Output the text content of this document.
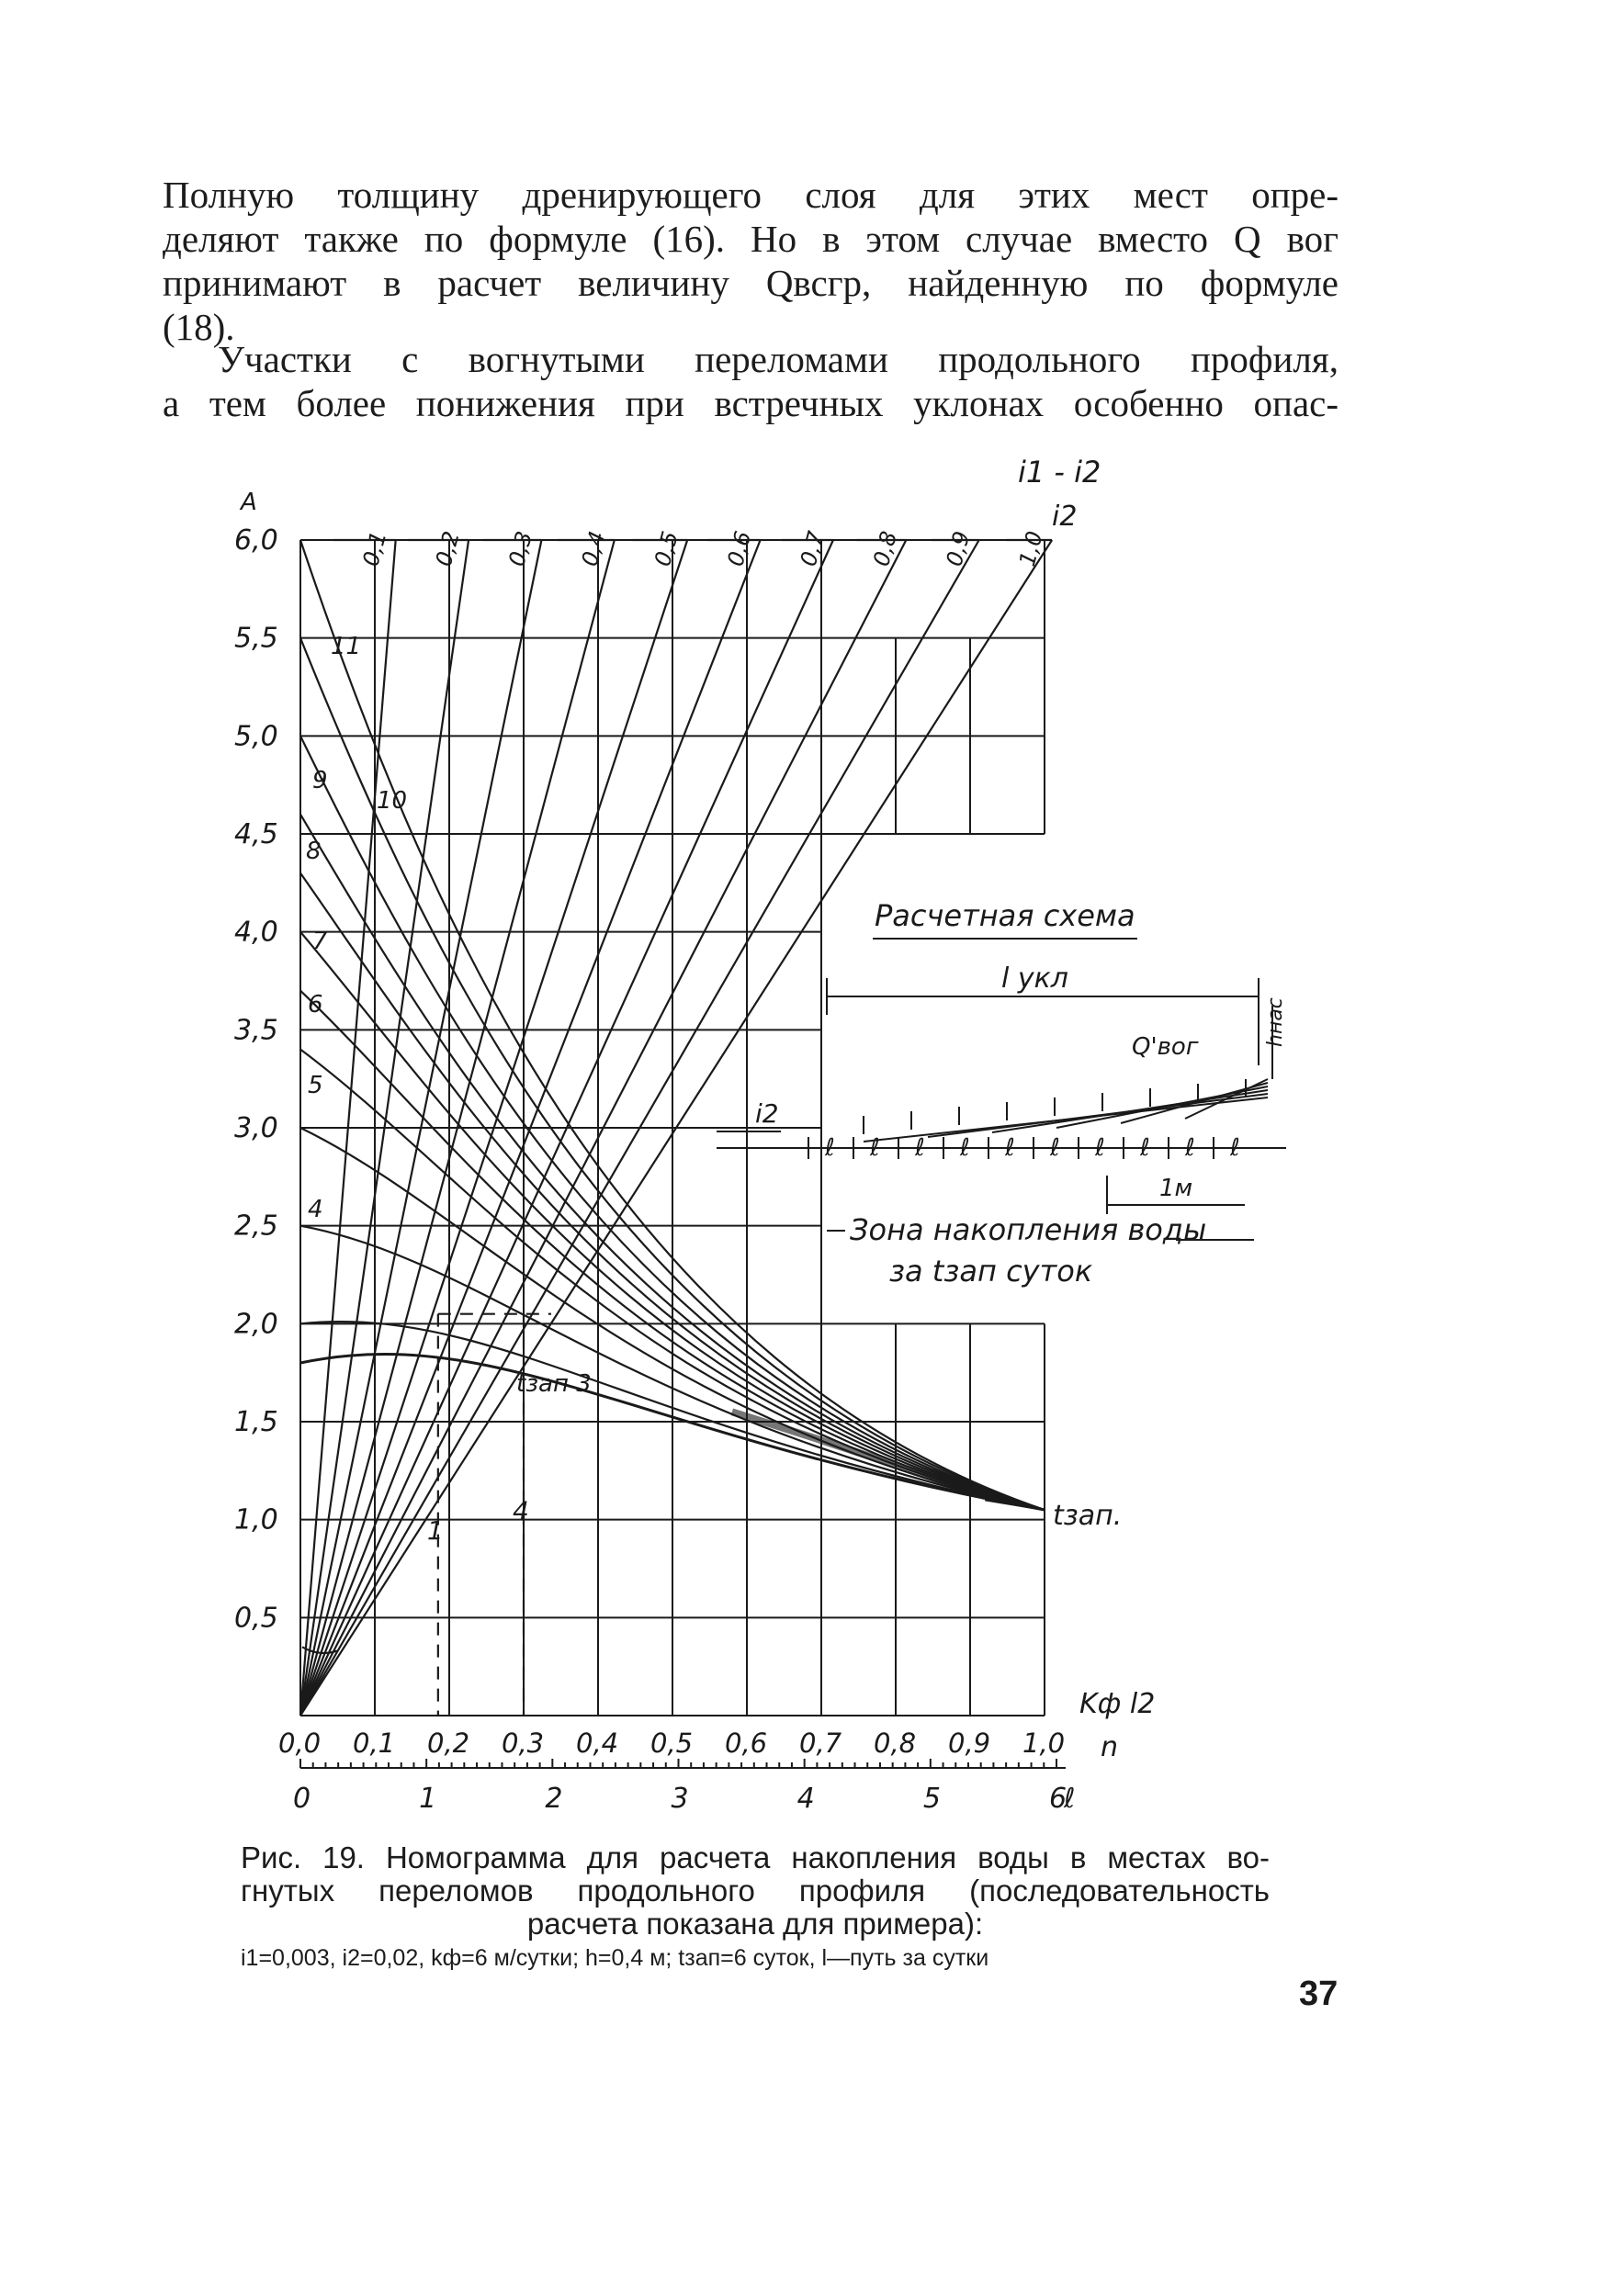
Полную толщину дренирующего слоя для этих мест опре-
деляют также по формуле (16). Но в этом случае вместо Q вог
принимают в расчет величину Qвсгр, найденную по формуле
(18).
Участки с вогнутыми переломами продольного профиля,
а тем более понижения при встречных уклонах особенно опас-
0,1 0,2 0,3 0,4 0,5 0,6 0,7 0,8 0,9 1,0
1
4
6,0
5,5
5,0
4,5
4,0
3,5
3,0
2,5
2,0
1,5
1,0
0,5
A
0,0 0,1 0,2 0,3 0,4 0,5 0,6 0,7 0,8 0,9 1,0
Kф l2
n
0	1	2	3	4	5	6
ℓ
i1 - i2
i2
11
10
9
8
7
6
5
4
tзап 3
tзап.
Расчетная схема
l укл
Q'вог	hнас
i2
ℓ ℓ ℓ ℓ ℓ ℓ ℓ ℓ ℓ ℓ
1м
Зона накопления воды
за tзап суток
Рис. 19. Номограмма для расчета накопления воды в местах во-
гнутых переломов продольного профиля (последовательность
расчета показана для примера):
i1=0,003, i2=0,02, kф=6 м/сутки; h=0,4 м; tзап=6 суток, l—путь за сутки
37
